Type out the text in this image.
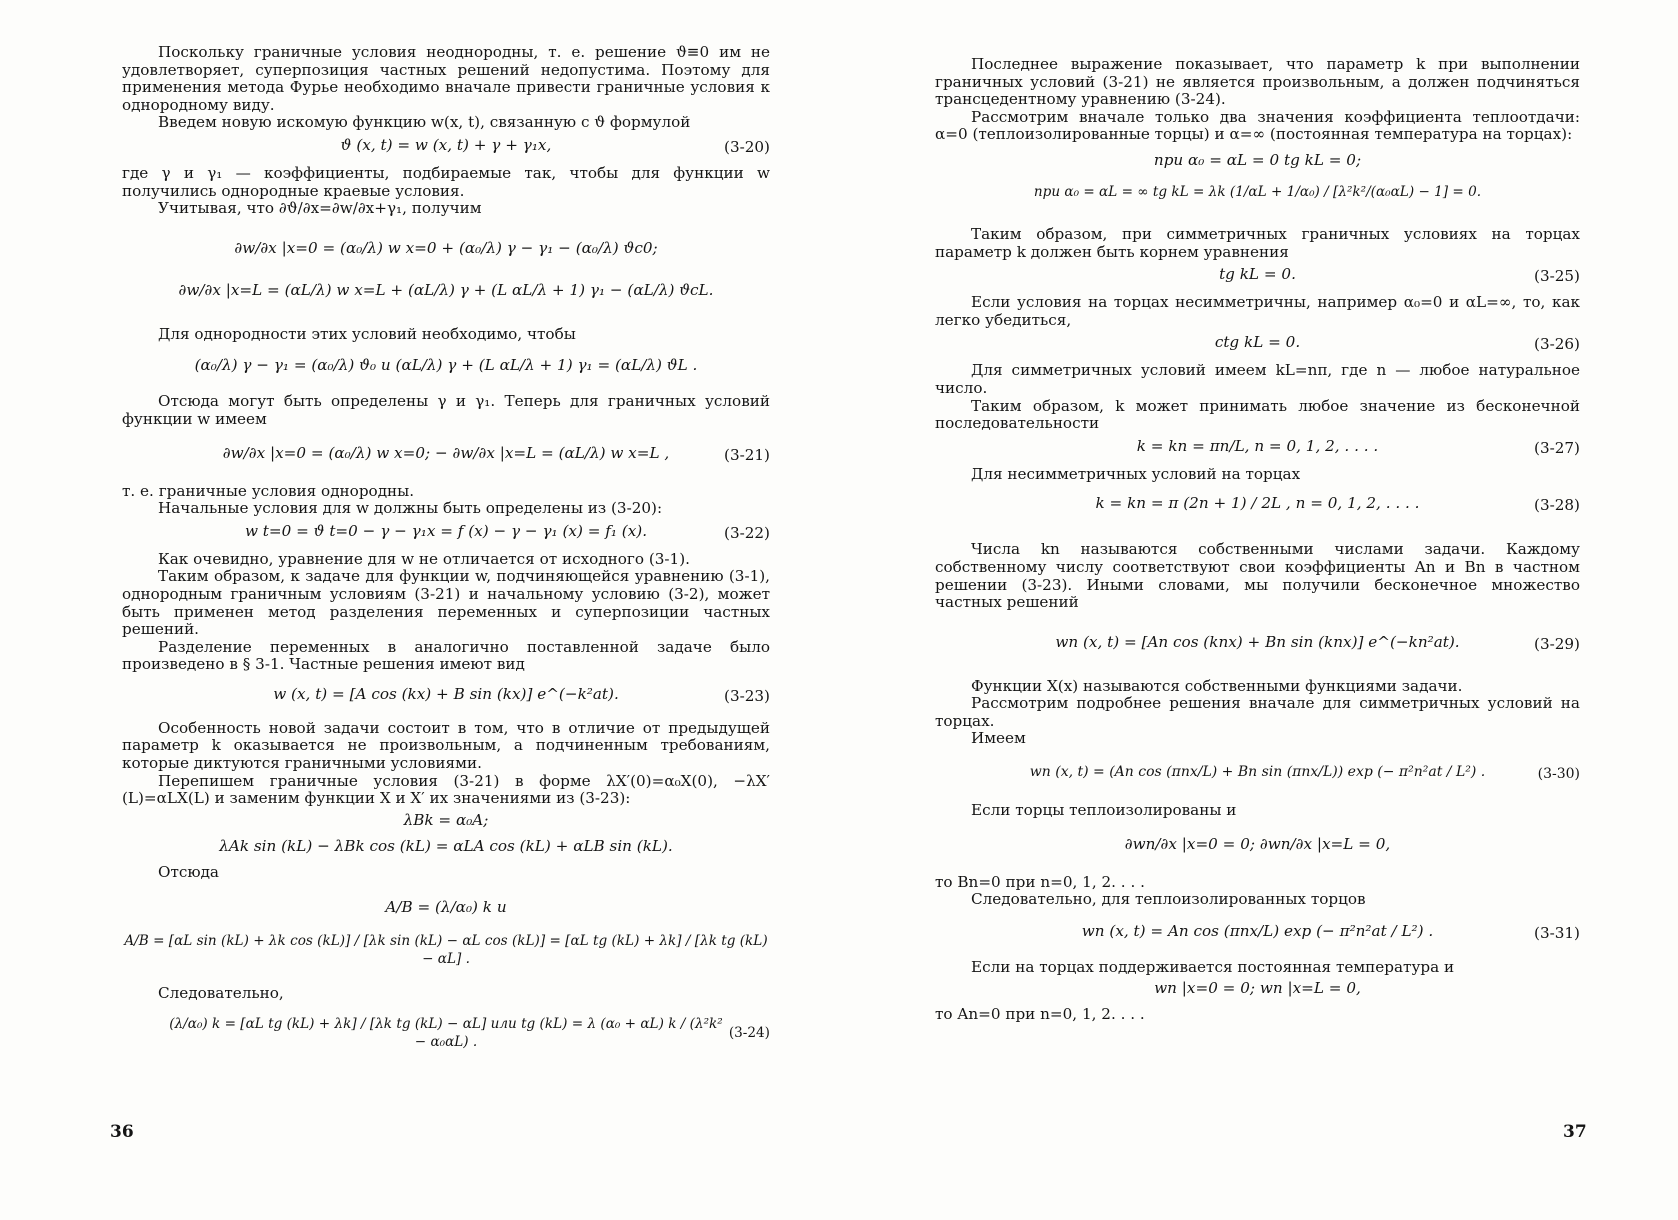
Поскольку граничные условия неоднородны, т. е. решение ϑ≡0 им не удовлетворяет, суперпозиция частных решений недопустима. Поэтому для применения метода Фурье необходимо вначале привести граничные условия к однородному виду.

Введем новую искомую функцию w(x, t), связанную с ϑ формулой

ϑ (x, t) = w (x, t) + γ + γ₁x,	(3-20)

где γ и γ₁ — коэффициенты, подбираемые так, чтобы для функции w получились однородные краевые условия.

Учитывая, что ∂ϑ/∂x=∂w/∂x+γ₁, получим

∂w/∂x |x=0 = (α₀/λ) w x=0 + (α₀/λ) γ − γ₁ − (α₀/λ) ϑc0;
∂w/∂x |x=L = (αL/λ) w x=L + (αL/λ) γ + (L αL/λ + 1) γ₁ − (αL/λ) ϑcL.

Для однородности этих условий необходимо, чтобы

(α₀/λ) γ − γ₁ = (α₀/λ) ϑ₀ и (αL/λ) γ + (L αL/λ + 1) γ₁ = (αL/λ) ϑL .

Отсюда могут быть определены γ и γ₁. Теперь для граничных условий функции w имеем

∂w/∂x |x=0 = (α₀/λ) w x=0; − ∂w/∂x |x=L = (αL/λ) w x=L ,	(3-21)

т. е. граничные условия однородны.

Начальные условия для w должны быть определены из (3-20):

w t=0 = ϑ t=0 − γ − γ₁x = f (x) − γ − γ₁ (x) = f₁ (x).	(3-22)

Как очевидно, уравнение для w не отличается от исходного (3-1).

Таким образом, к задаче для функции w, подчиняющейся уравнению (3-1), однородным граничным условиям (3-21) и начальному условию (3-2), может быть применен метод разделения переменных и суперпозиции частных решений.

Разделение переменных в аналогично поставленной задаче было произведено в § 3-1. Частные решения имеют вид

w (x, t) = [A cos (kx) + B sin (kx)] e^(−k²at).	(3-23)

Особенность новой задачи состоит в том, что в отличие от предыдущей параметр k оказывается не произвольным, а подчиненным требованиям, которые диктуются граничными условиями.

Перепишем граничные условия (3-21) в форме λX′(0)=α₀X(0), −λX′(L)=αLX(L) и заменим функции X и X′ их значениями из (3-23):

λBk = α₀A;
λAk sin (kL) − λBk cos (kL) = αLA cos (kL) + αLB sin (kL).

Отсюда

A/B = (λ/α₀) k и
A/B = [αL sin (kL) + λk cos (kL)] / [λk sin (kL) − αL cos (kL)] = [αL tg (kL) + λk] / [λk tg (kL) − αL] .

Следовательно,

(λ/α₀) k = [αL tg (kL) + λk] / [λk tg (kL) − αL] или tg (kL) = λ (α₀ + αL) k / (λ²k² − α₀αL) .
(3-24)
36

Последнее выражение показывает, что параметр k при выполнении граничных условий (3-21) не является произвольным, а должен подчиняться трансцедентному уравнению (3-24).

Рассмотрим вначале только два значения коэффициента теплоотдачи: α=0 (теплоизолированные торцы) и α=∞ (постоянная температура на торцах):

при α₀ = αL = 0 tg kL = 0;
при α₀ = αL = ∞ tg kL = λk (1/αL + 1/α₀) / [λ²k²/(α₀αL) − 1] = 0.

Таким образом, при симметричных граничных условиях на торцах параметр k должен быть корнем уравнения

tg kL = 0.	(3-25)

Если условия на торцах несимметричны, например α₀=0 и αL=∞, то, как легко убедиться,

ctg kL = 0.	(3-26)

Для симметричных условий имеем kL=nπ, где n — любое натуральное число.

Таким образом, k может принимать любое значение из бесконечной последовательности

k = kn = πn/L, n = 0, 1, 2, . . . .	(3-27)

Для несимметричных условий на торцах

k = kn = π (2n + 1) / 2L , n = 0, 1, 2, . . . .	(3-28)

Числа kn называются собственными числами задачи. Каждому собственному числу соответствуют свои коэффициенты An и Bn в частном решении (3-23). Иными словами, мы получили бесконечное множество частных решений

wn (x, t) = [An cos (knx) + Bn sin (knx)] e^(−kn²at).	(3-29)

Функции X(x) называются собственными функциями задачи.

Рассмотрим подробнее решения вначале для симметричных условий на торцах.

Имеем

wn (x, t) = (An cos (πnx/L) + Bn sin (πnx/L)) exp (− π²n²at / L²) .	(3-30)

Если торцы теплоизолированы и

∂wn/∂x |x=0 = 0; ∂wn/∂x |x=L = 0,

то Bn=0 при n=0, 1, 2. . . .

Следовательно, для теплоизолированных торцов

wn (x, t) = An cos (πnx/L) exp (− π²n²at / L²) .	(3-31)

Если на торцах поддерживается постоянная температура и

wn |x=0 = 0; wn |x=L = 0,

то An=0 при n=0, 1, 2. . . .

37
